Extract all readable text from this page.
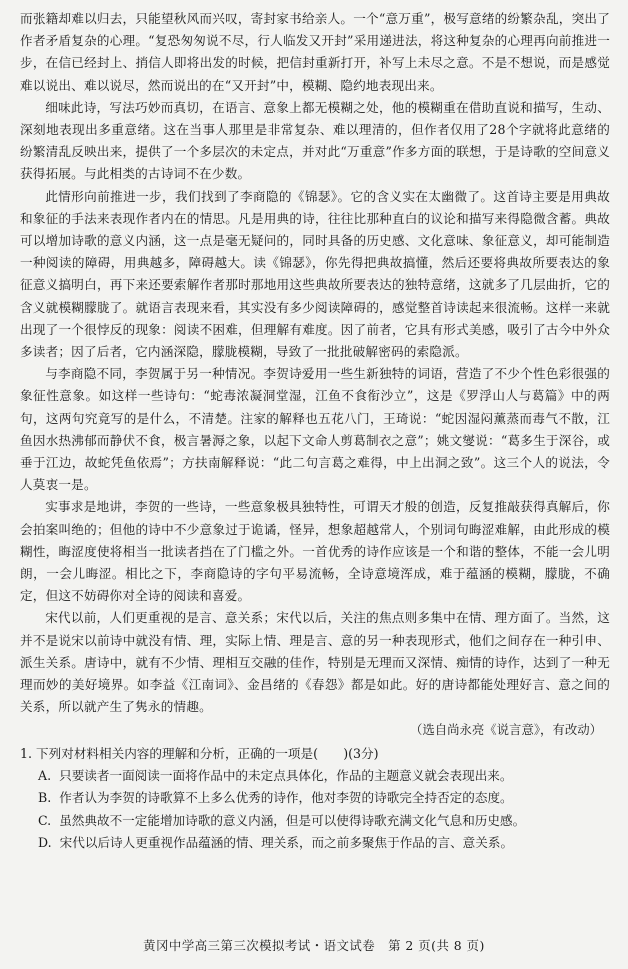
而张籍却难以归去，只能望秋风而兴叹，寄封家书给亲人。一个“意万重”，极写意绪的纷繁杂乱，突出了作者矛盾复杂的心理。“复恐匆匆说不尽，行人临发又开封”采用递进法，将这种复杂的心理再向前推进一步，在信已经封上、捎信人即将出发的时候，把信封重新打开，补写上未尽之意。不是不想说，而是感觉难以说出、难以说尽，然而说出的在“又开封”中，模糊、隐约地表现出来。

细味此诗，写法巧妙而真切，在语言、意象上都无模糊之处，他的模糊重在借助直说和描写，生动、深刻地表现出多重意绪。这在当事人那里是非常复杂、难以理清的，但作者仅用了28个字就将此意绪的纷繁清乱反映出来，提供了一个多层次的未定点，并对此“万重意”作多方面的联想，于是诗歌的空间意义获得拓展。与此相类的古诗词不在少数。

此情形向前推进一步，我们找到了李商隐的《锦瑟》。它的含义实在太幽微了。这首诗主要是用典故和象征的手法来表现作者内在的情思。凡是用典的诗，往往比那种直白的议论和描写来得隐微含蓄。典故可以增加诗歌的意义内涵，这一点是毫无疑问的，同时具备的历史感、文化意味、象征意义，却可能制造一种阅读的障碍，用典越多，障碍越大。读《锦瑟》，你先得把典故搞懂，然后还要将典故所要表达的象征意义搞明白，再下来还要索解作者那时那地用这些典故所要表达的独特意绪，这就多了几层曲折，它的含义就模糊朦胧了。就语言表现来看，其实没有多少阅读障碍的，感觉整首诗读起来很流畅。这样一来就出现了一个很悖反的现象：阅读不困难，但理解有难度。因了前者，它具有形式美感，吸引了古今中外众多读者；因了后者，它内涵深隐，朦胧模糊，导致了一批批破解密码的索隐派。

与李商隐不同，李贺属于另一种情况。李贺诗爱用一些生新独特的词语，营造了不少个性色彩很强的象征性意象。如这样一些诗句：“蛇毒浓凝洞堂湿，江鱼不食衔沙立”，这是《罗浮山人与葛篇》中的两句，这两句究竟写的是什么，不清楚。注家的解释也五花八门，王琦说：“蛇因湿闷薰蒸而毒气不散，江鱼因水热沸郁而静伏不食，极言暑溽之象，以起下文命人剪葛制衣之意”；姚文燮说：“葛多生于深谷，或垂于江边，故蛇凭鱼依焉”；方扶南解释说：“此二句言葛之难得，中上出洞之致”。这三个人的说法，令人莫衷一是。

实事求是地讲，李贺的一些诗，一些意象极具独特性，可谓天才般的创造，反复推敲获得真解后，你会拍案叫绝的；但他的诗中不少意象过于诡谲，怪异，想象超越常人，个别词句晦涩难解，由此形成的模糊性，晦涩度使将相当一批读者挡在了门槛之外。一首优秀的诗作应该是一个和谐的整体，不能一会儿明朗，一会儿晦涩。相比之下，李商隐诗的字句平易流畅，全诗意境浑成，难于蕴涵的模糊，朦胧，不确定，但这不妨碍你对全诗的阅读和喜爱。

宋代以前，人们更重视的是言、意关系；宋代以后，关注的焦点则多集中在情、理方面了。当然，这并不是说宋以前诗中就没有情、理，实际上情、理是言、意的另一种表现形式，他们之间存在一种引申、派生关系。唐诗中，就有不少情、理相互交融的佳作，特别是无理而又深情、痴情的诗作，达到了一种无理而妙的美好境界。如李益《江南词》、金昌绪的《春怨》都是如此。好的唐诗都能处理好言、意之间的关系，所以就产生了隽永的情趣。

（选自尚永亮《说言意》，有改动）

1. 下列对材料相关内容的理解和分析，正确的一项是(　　)(3分)
A. 只要读者一面阅读一面将作品中的未定点具体化，作品的主题意义就会表现出来。
B. 作者认为李贺的诗歌算不上多么优秀的诗作，他对李贺的诗歌完全持否定的态度。
C. 虽然典故不一定能增加诗歌的意义内涵，但是可以使得诗歌充满文化气息和历史感。
D. 宋代以后诗人更重视作品蕴涵的情、理关系，而之前多聚焦于作品的言、意关系。
黄冈中学高三第三次模拟考试・语文试卷　第 2 页(共 8 页)
